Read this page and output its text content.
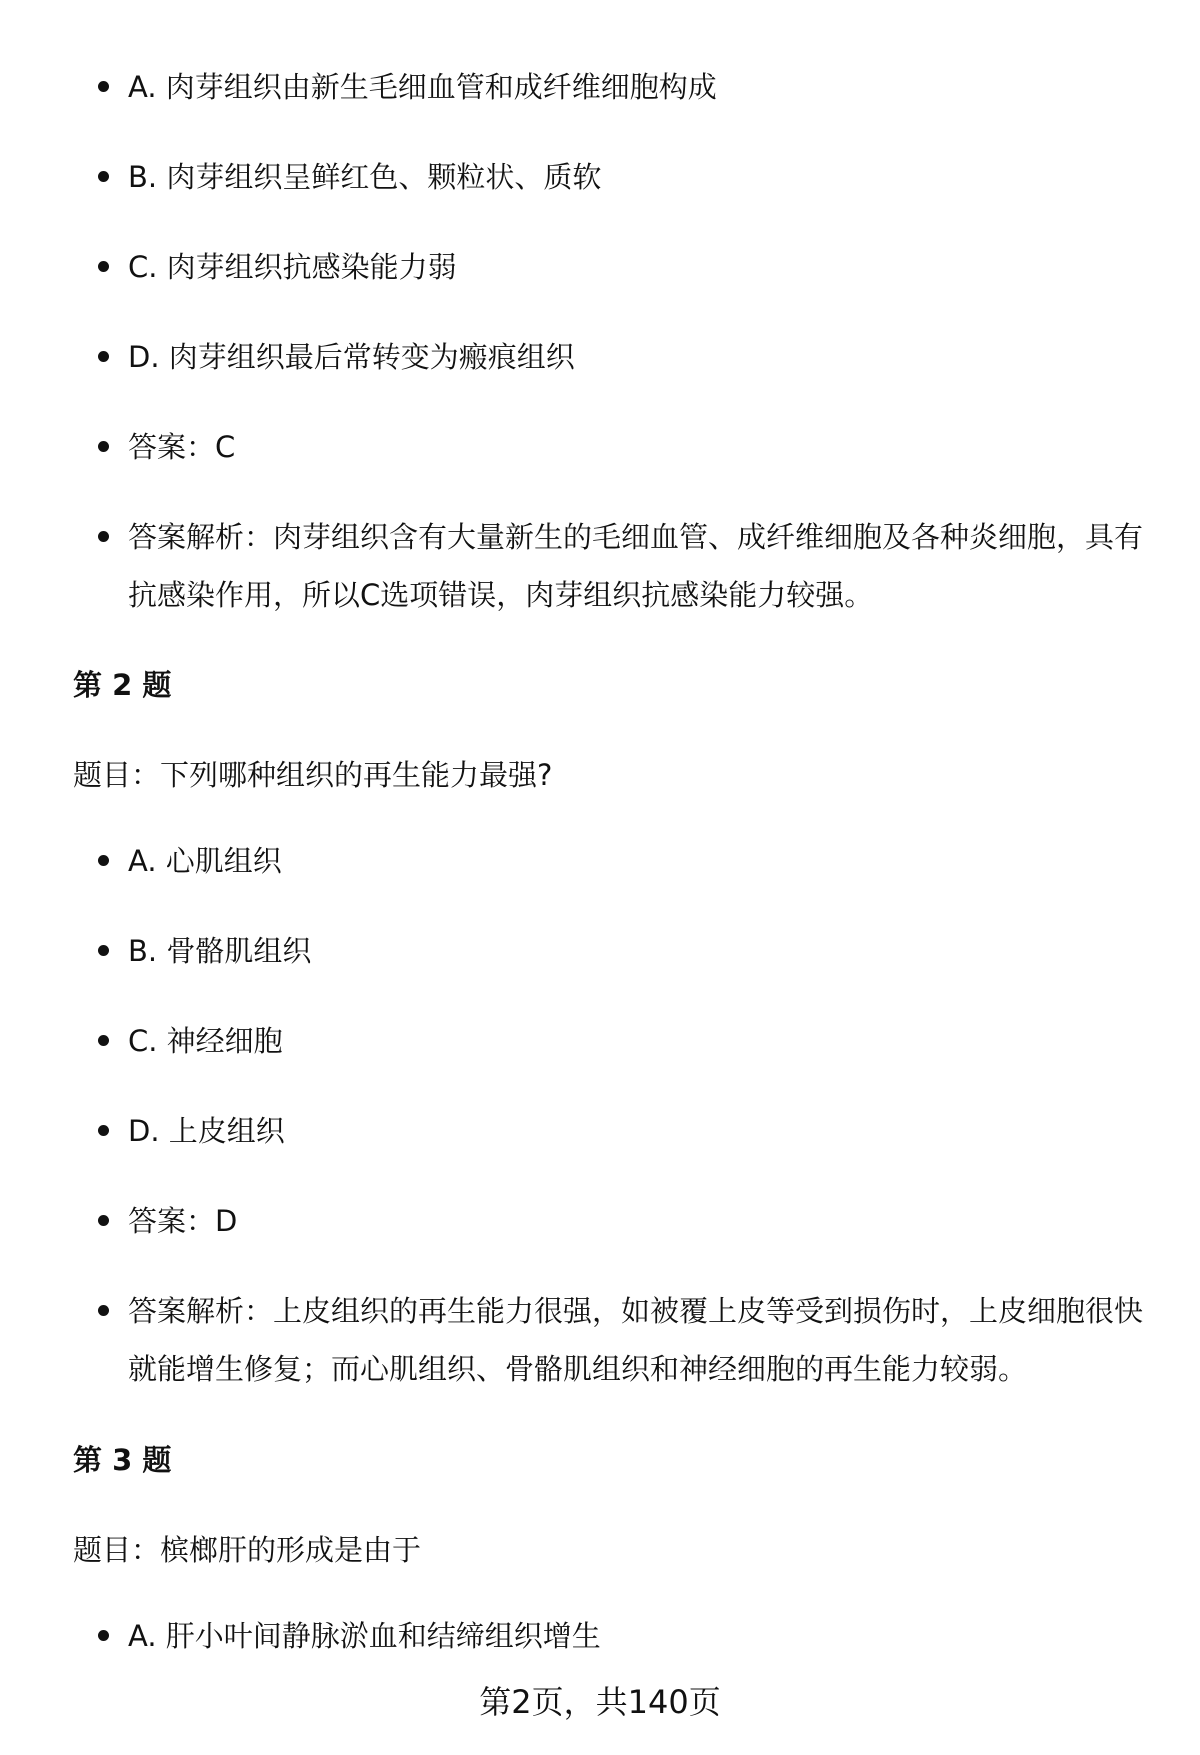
A. 肉芽组织由新生毛细血管和成纤维细胞构成
B. 肉芽组织呈鲜红色、颗粒状、质软
C. 肉芽组织抗感染能力弱
D. 肉芽组织最后常转变为瘢痕组织
答案：C
答案解析：肉芽组织含有大量新生的毛细血管、成纤维细胞及各种炎细胞，具有抗感染作用，所以C选项错误，肉芽组织抗感染能力较强。
第 2 题
题目：下列哪种组织的再生能力最强?
A. 心肌组织
B. 骨骼肌组织
C. 神经细胞
D. 上皮组织
答案：D
答案解析：上皮组织的再生能力很强，如被覆上皮等受到损伤时，上皮细胞很快就能增生修复；而心肌组织、骨骼肌组织和神经细胞的再生能力较弱。
第 3 题
题目：槟榔肝的形成是由于
A. 肝小叶间静脉淤血和结缔组织增生
第2页，共140页
